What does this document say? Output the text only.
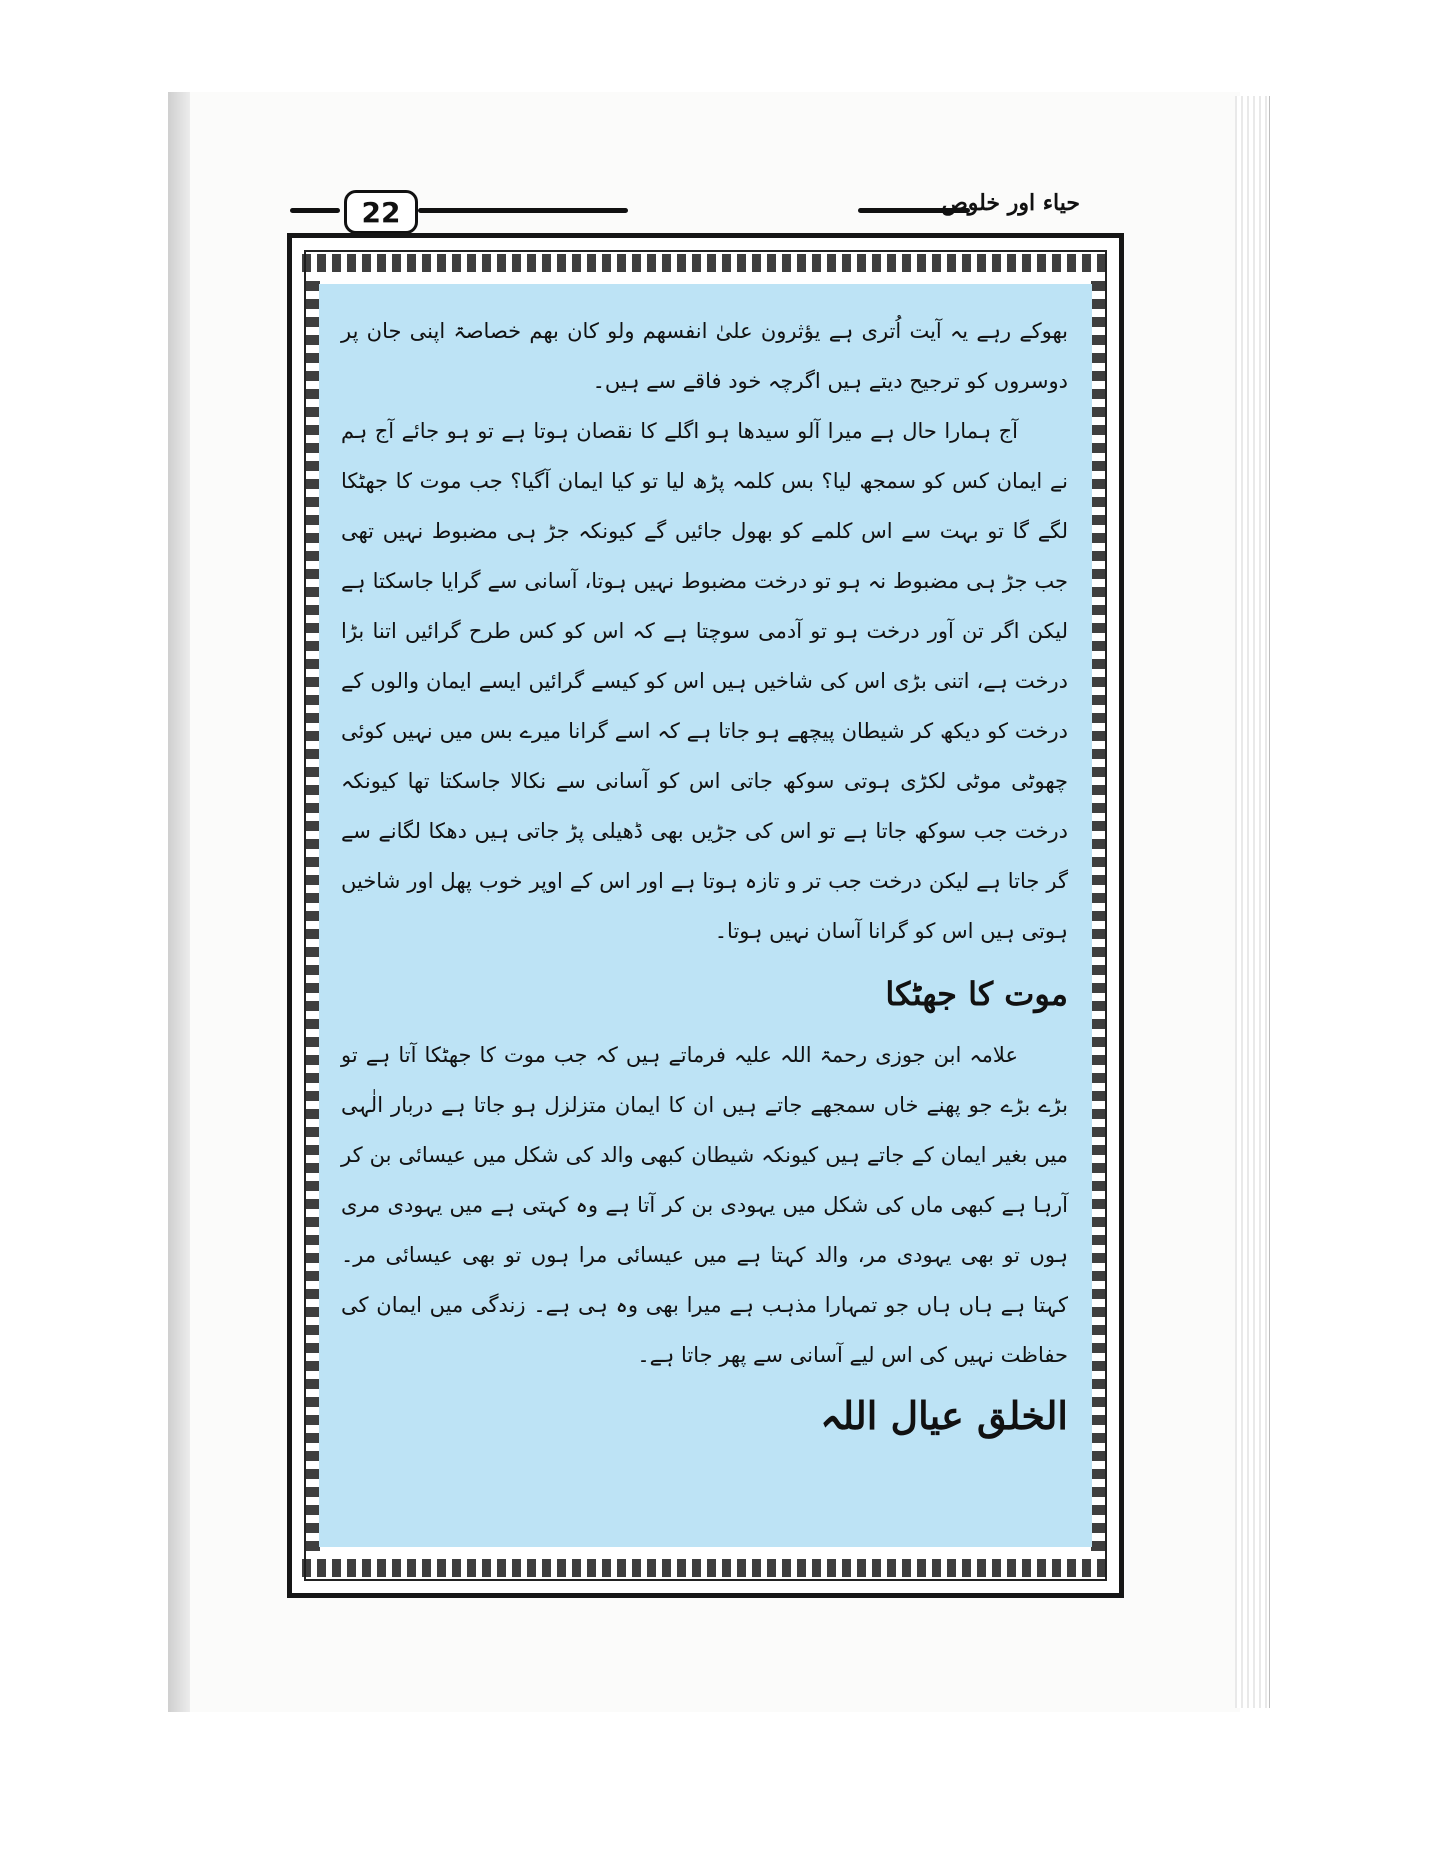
22	حیاء اور خلوص

بھوکے رہے یہ آیت اُتری ہے یؤثرون علیٰ انفسھم ولو کان بھم خصاصۃ اپنی جان پر دوسروں کو ترجیح دیتے ہیں اگرچہ خود فاقے سے ہیں۔

آج ہمارا حال ہے میرا آلو سیدھا ہو اگلے کا نقصان ہوتا ہے تو ہو جائے آج ہم نے ایمان کس کو سمجھ لیا؟ بس کلمہ پڑھ لیا تو کیا ایمان آگیا؟ جب موت کا جھٹکا لگے گا تو بہت سے اس کلمے کو بھول جائیں گے کیونکہ جڑ ہی مضبوط نہیں تھی جب جڑ ہی مضبوط نہ ہو تو درخت مضبوط نہیں ہوتا، آسانی سے گرایا جاسکتا ہے لیکن اگر تن آور درخت ہو تو آدمی سوچتا ہے کہ اس کو کس طرح گرائیں اتنا بڑا درخت ہے، اتنی بڑی اس کی شاخیں ہیں اس کو کیسے گرائیں ایسے ایمان والوں کے درخت کو دیکھ کر شیطان پیچھے ہو جاتا ہے کہ اسے گرانا میرے بس میں نہیں کوئی چھوٹی موٹی لکڑی ہوتی سوکھ جاتی اس کو آسانی سے نکالا جاسکتا تھا کیونکہ درخت جب سوکھ جاتا ہے تو اس کی جڑیں بھی ڈھیلی پڑ جاتی ہیں دھکا لگانے سے گر جاتا ہے لیکن درخت جب تر و تازہ ہوتا ہے اور اس کے اوپر خوب پھل اور شاخیں ہوتی ہیں اس کو گرانا آسان نہیں ہوتا۔

موت کا جھٹکا

علامہ ابن جوزی رحمۃ اللہ علیہ فرماتے ہیں کہ جب موت کا جھٹکا آتا ہے تو بڑے بڑے جو پھنے خاں سمجھے جاتے ہیں ان کا ایمان متزلزل ہو جاتا ہے دربار الٰہی میں بغیر ایمان کے جاتے ہیں کیونکہ شیطان کبھی والد کی شکل میں عیسائی بن کر آرہا ہے کبھی ماں کی شکل میں یہودی بن کر آتا ہے وہ کہتی ہے میں یہودی مری ہوں تو بھی یہودی مر، والد کہتا ہے میں عیسائی مرا ہوں تو بھی عیسائی مر۔ کہتا ہے ہاں ہاں جو تمہارا مذہب ہے میرا بھی وہ ہی ہے۔ زندگی میں ایمان کی حفاظت نہیں کی اس لیے آسانی سے پھر جاتا ہے۔

الخلق عیال اللہ
